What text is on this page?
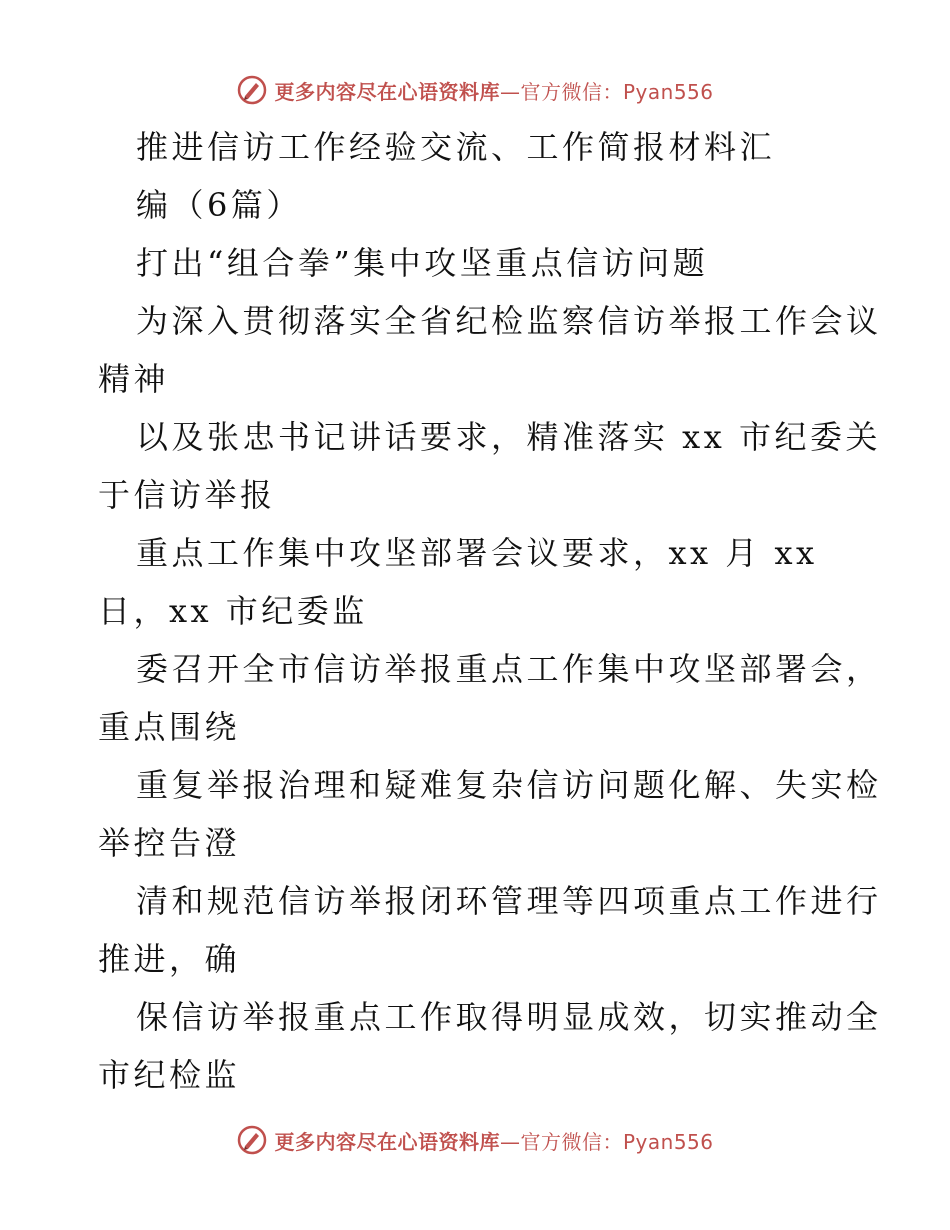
更多内容尽在心语资料库—官方微信：Pyan556
推进信访工作经验交流、工作简报材料汇
编（6篇）
打出“组合拳”集中攻坚重点信访问题
为深入贯彻落实全省纪检监察信访举报工作会议
精神
以及张忠书记讲话要求，精准落实 xx 市纪委关
于信访举报
重点工作集中攻坚部署会议要求，xx 月 xx
日，xx 市纪委监
委召开全市信访举报重点工作集中攻坚部署会，
重点围绕
重复举报治理和疑难复杂信访问题化解、失实检
举控告澄
清和规范信访举报闭环管理等四项重点工作进行
推进，确
保信访举报重点工作取得明显成效，切实推动全
市纪检监
更多内容尽在心语资料库—官方微信：Pyan556
